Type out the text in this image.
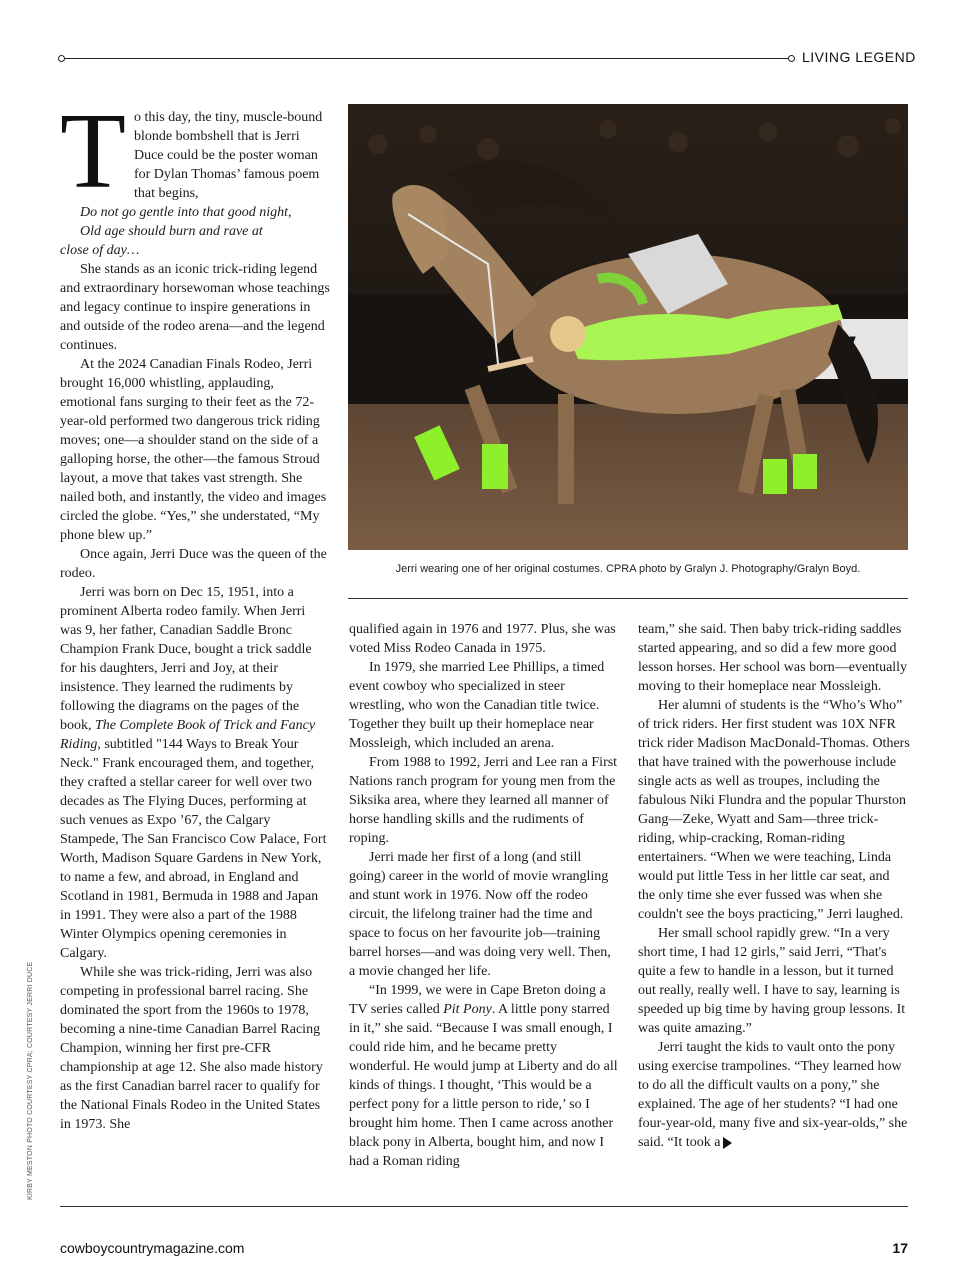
LIVING LEGEND
T o this day, the tiny, muscle-bound blonde bombshell that is Jerri Duce could be the poster woman for Dylan Thomas’ famous poem that begins,

Do not go gentle into that good night,
Old age should burn and rave at
close of day…

She stands as an iconic trick-riding legend and extraordinary horsewoman whose teachings and legacy continue to inspire generations in and outside of the rodeo arena—and the legend continues.

At the 2024 Canadian Finals Rodeo, Jerri brought 16,000 whistling, applauding, emotional fans surging to their feet as the 72-year-old performed two dangerous trick riding moves; one—a shoulder stand on the side of a galloping horse, the other—the famous Stroud layout, a move that takes vast strength. She nailed both, and instantly, the video and images circled the globe. “Yes,” she understated, “My phone blew up.”

Once again, Jerri Duce was the queen of the rodeo.

Jerri was born on Dec 15, 1951, into a prominent Alberta rodeo family. When Jerri was 9, her father, Canadian Saddle Bronc Champion Frank Duce, bought a trick saddle for his daughters, Jerri and Joy, at their insistence. They learned the rudiments by following the diagrams on the pages of the book, The Complete Book of Trick and Fancy Riding, subtitled "144 Ways to Break Your Neck." Frank encouraged them, and together, they crafted a stellar career for well over two decades as The Flying Duces, performing at such venues as Expo ’67, the Calgary Stampede, The San Francisco Cow Palace, Fort Worth, Madison Square Gardens in New York, to name a few, and abroad, in England and Scotland in 1981, Bermuda in 1988 and Japan in 1991. They were also a part of the 1988 Winter Olympics opening ceremonies in Calgary.

While she was trick-riding, Jerri was also competing in professional barrel racing. She dominated the sport from the 1960s to 1978, becoming a nine-time Canadian Barrel Racing Champion, winning her first pre-CFR championship at age 12. She also made history as the first Canadian barrel racer to qualify for the National Finals Rodeo in the United States in 1973. She

Jerri wearing one of her original costumes. CPRA photo by Gralyn J. Photography/Gralyn Boyd.

qualified again in 1976 and 1977. Plus, she was voted Miss Rodeo Canada in 1975.

In 1979, she married Lee Phillips, a timed event cowboy who specialized in steer wrestling, who won the Canadian title twice. Together they built up their homeplace near Mossleigh, which included an arena.

From 1988 to 1992, Jerri and Lee ran a First Nations ranch program for young men from the Siksika area, where they learned all manner of horse handling skills and the rudiments of roping.

Jerri made her first of a long (and still going) career in the world of movie wrangling and stunt work in 1976. Now off the rodeo circuit, the lifelong trainer had the time and space to focus on her favourite job—training barrel horses—and was doing very well. Then, a movie changed her life.

“In 1999, we were in Cape Breton doing a TV series called Pit Pony. A little pony starred in it,” she said. “Because I was small enough, I could ride him, and he became pretty wonderful. He would jump at Liberty and do all kinds of things. I thought, ‘This would be a perfect pony for a little person to ride,’ so I brought him home. Then I came across another black pony in Alberta, bought him, and now I had a Roman riding

team,” she said. Then baby trick-riding saddles started appearing, and so did a few more good lesson horses. Her school was born—eventually moving to their homeplace near Mossleigh.

Her alumni of students is the “Who’s Who” of trick riders. Her first student was 10X NFR trick rider Madison MacDonald-Thomas. Others that have trained with the powerhouse include single acts as well as troupes, including the fabulous Niki Flundra and the popular Thurston Gang—Zeke, Wyatt and Sam—three trick-riding, whip-cracking, Roman-riding entertainers. “When we were teaching, Linda would put little Tess in her little car seat, and the only time she ever fussed was when she couldn't see the boys practicing,” Jerri laughed.

Her small school rapidly grew. “In a very short time, I had 12 girls,” said Jerri, “That's quite a few to handle in a lesson, but it turned out really, really well. I have to say, learning is speeded up big time by having group lessons. It was quite amazing.”

Jerri taught the kids to vault onto the pony using exercise trampolines. “They learned how to do all the difficult vaults on a pony,” she explained. The age of her students? “I had one four-year-old, many five and six-year-olds,” she said. “It took a

KIRBY MESTON PHOTO COURTESY CPRA; COURTESY JERRI DUCE
cowboycountrymagazine.com	17
